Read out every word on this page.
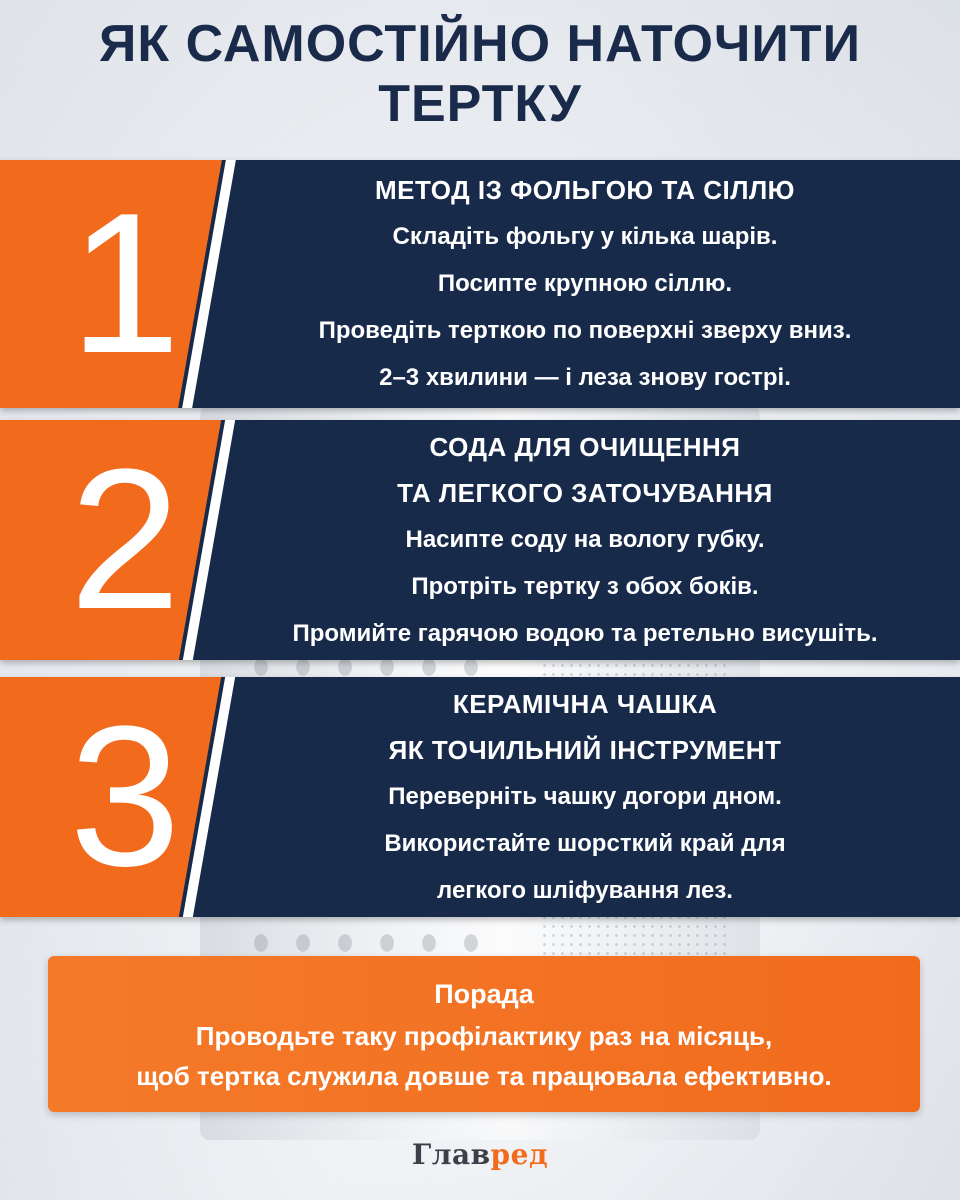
ЯК САМОСТІЙНО НАТОЧИТИ
ТЕРТКУ
1	МЕТОД ІЗ ФОЛЬГОЮ ТА СІЛЛЮ
Складіть фольгу у кілька шарів.
Посипте крупною сіллю.
Проведіть терткою по поверхні зверху вниз.
2–3 хвилини — і леза знову гострі.
2	СОДА ДЛЯ ОЧИЩЕННЯ
ТА ЛЕГКОГО ЗАТОЧУВАННЯ
Насипте соду на вологу губку.
Протріть тертку з обох боків.
Промийте гарячою водою та ретельно висушіть.
3	КЕРАМІЧНА ЧАШКА
ЯК ТОЧИЛЬНИЙ ІНСТРУМЕНТ
Переверніть чашку догори дном.
Використайте шорсткий край для
легкого шліфування лез.
Порада
Проводьте таку профілактику раз на місяць,
щоб тертка служила довше та працювала ефективно.
Главред
